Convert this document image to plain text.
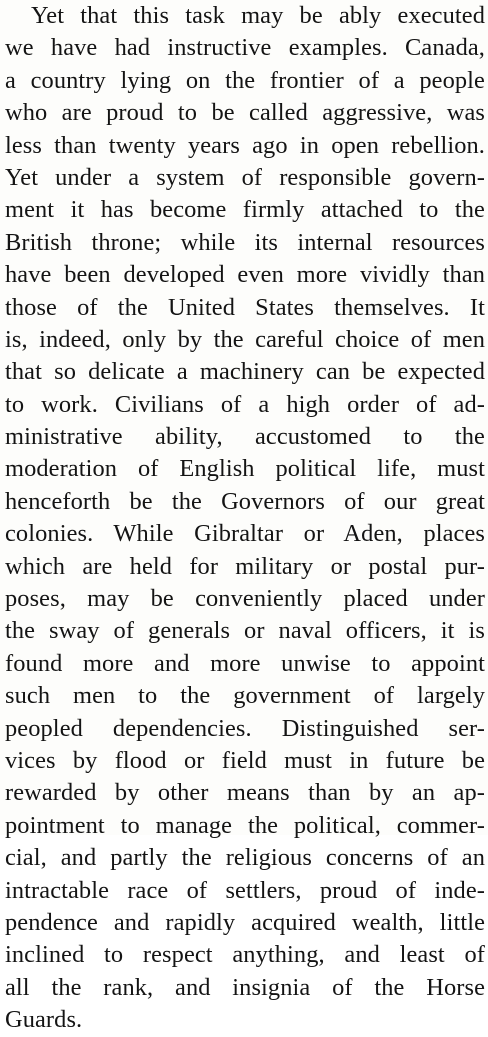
Yet that this task may be ably executed
we have had instructive examples. Canada,
a country lying on the frontier of a people
who are proud to be called aggressive, was
less than twenty years ago in open rebellion.
Yet under a system of responsible govern-
ment it has become firmly attached to the
British throne; while its internal resources
have been developed even more vividly than
those of the United States themselves. It
is, indeed, only by the careful choice of men
that so delicate a machinery can be expected
to work. Civilians of a high order of ad-
ministrative ability, accustomed to the
moderation of English political life, must
henceforth be the Governors of our great
colonies. While Gibraltar or Aden, places
which are held for military or postal pur-
poses, may be conveniently placed under
the sway of generals or naval officers, it is
found more and more unwise to appoint
such men to the government of largely
peopled dependencies. Distinguished ser-
vices by flood or field must in future be
rewarded by other means than by an ap-
pointment to manage the political, commer-
cial, and partly the religious concerns of an
intractable race of settlers, proud of inde-
pendence and rapidly acquired wealth, little
inclined to respect anything, and least of
all the rank, and insignia of the Horse
Guards.
